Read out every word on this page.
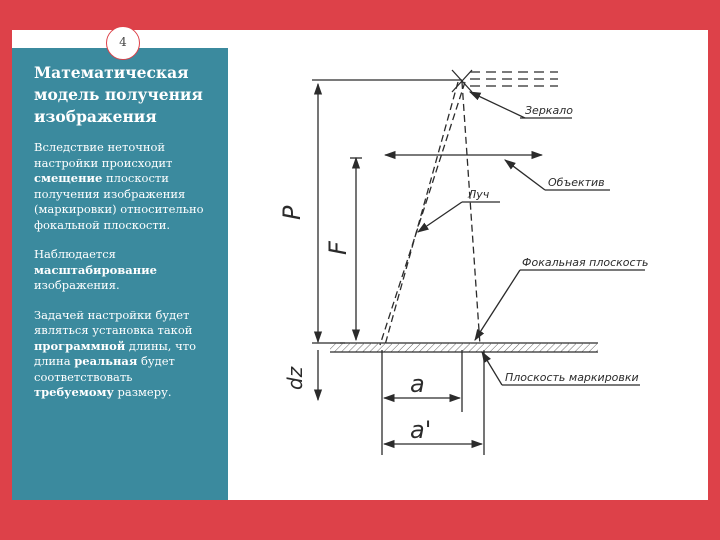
Математическая модель получения изображения

Вследствие неточной настройки происходит смещение плоскости получения изображения (маркировки) относительно фокальной плоскости.

Наблюдается масштабирование изображения.

Задачей настройки будет являться установка такой программной длины, что длина реальная будет соответствовать требуемому размеру.

4
Зеркало
Объектив
Луч
Фокальная плоскость
Плоскость маркировки
P
F
dz	a
a'
